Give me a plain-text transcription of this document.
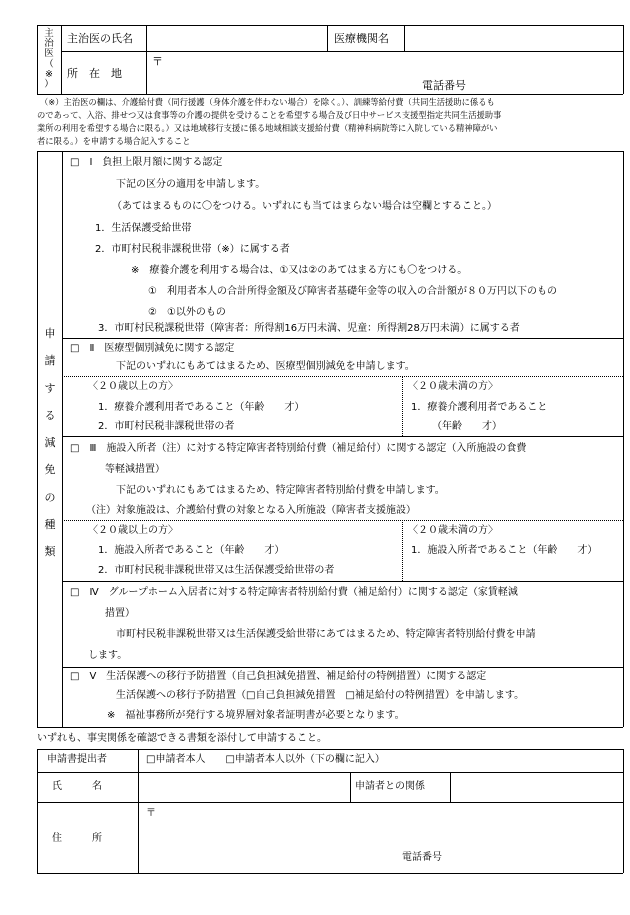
主
治
医
（
※
）
主治医の氏名	医療機関名
所　在　地
〒
電話番号
（※）主治医の欄は、介護給付費（同行援護（身体介護を伴わない場合）を除く。）、訓練等給付費（共同生活援助に係るも
のであって、入浴、排せつ又は食事等の介護の提供を受けることを希望する場合及び日中サービス支援型指定共同生活援助事
業所の利用を希望する場合に限る。）又は地域移行支援に係る地域相談支援給付費（精神科病院等に入院している精神障がい
者に限る。）を申請する場合記入すること
申
請
す
る
減
免
の
種
類
□　Ⅰ　負担上限月額に関する認定
下記の区分の適用を申請します。
（あてはまるものに〇をつける。いずれにも当てはまらない場合は空欄とすること。）
1．生活保護受給世帯
2．市町村民税非課税世帯（※）に属する者
※　療養介護を利用する場合は、①又は②のあてはまる方にも〇をつける。
①　利用者本人の合計所得金額及び障害者基礎年金等の収入の合計額が８０万円以下のもの
②　①以外のもの
3．市町村民税課税世帯（障害者：所得割16万円未満、児童：所得割28万円未満）に属する者
□　Ⅱ　医療型個別減免に関する認定
下記のいずれにもあてはまるため、医療型個別減免を申請します。
〈２０歳以上の方〉
1．療養介護利用者であること（年齢　　才）
2．市町村民税非課税世帯の者
〈２０歳未満の方〉
1．療養介護利用者であること
（年齢　　才）
□　Ⅲ　施設入所者（注）に対する特定障害者特別給付費（補足給付）に関する認定（入所施設の食費
等軽減措置）
下記のいずれにもあてはまるため、特定障害者特別給付費を申請します。
（注）対象施設は、介護給付費の対象となる入所施設（障害者支援施設）
〈２０歳以上の方〉
1．施設入所者であること（年齢　　才）
2．市町村民税非課税世帯又は生活保護受給世帯の者
〈２０歳未満の方〉
1．施設入所者であること（年齢　　才）
□　Ⅳ　グループホーム入居者に対する特定障害者特別給付費（補足給付）に関する認定（家賃軽減
措置）
市町村民税非課税世帯又は生活保護受給世帯にあてはまるため、特定障害者特別給付費を申請
します。
□　Ⅴ　生活保護への移行予防措置（自己負担減免措置、補足給付の特例措置）に関する認定
生活保護への移行予防措置（□自己負担減免措置　□補足給付の特例措置）を申請します。
※　福祉事務所が発行する境界層対象者証明書が必要となります。
いずれも、事実関係を確認できる書類を添付して申請すること。
申請書提出者	□申請者本人　　□申請者本人以外（下の欄に記入）
氏　　　名	申請者との関係
住　　　所
〒
電話番号
